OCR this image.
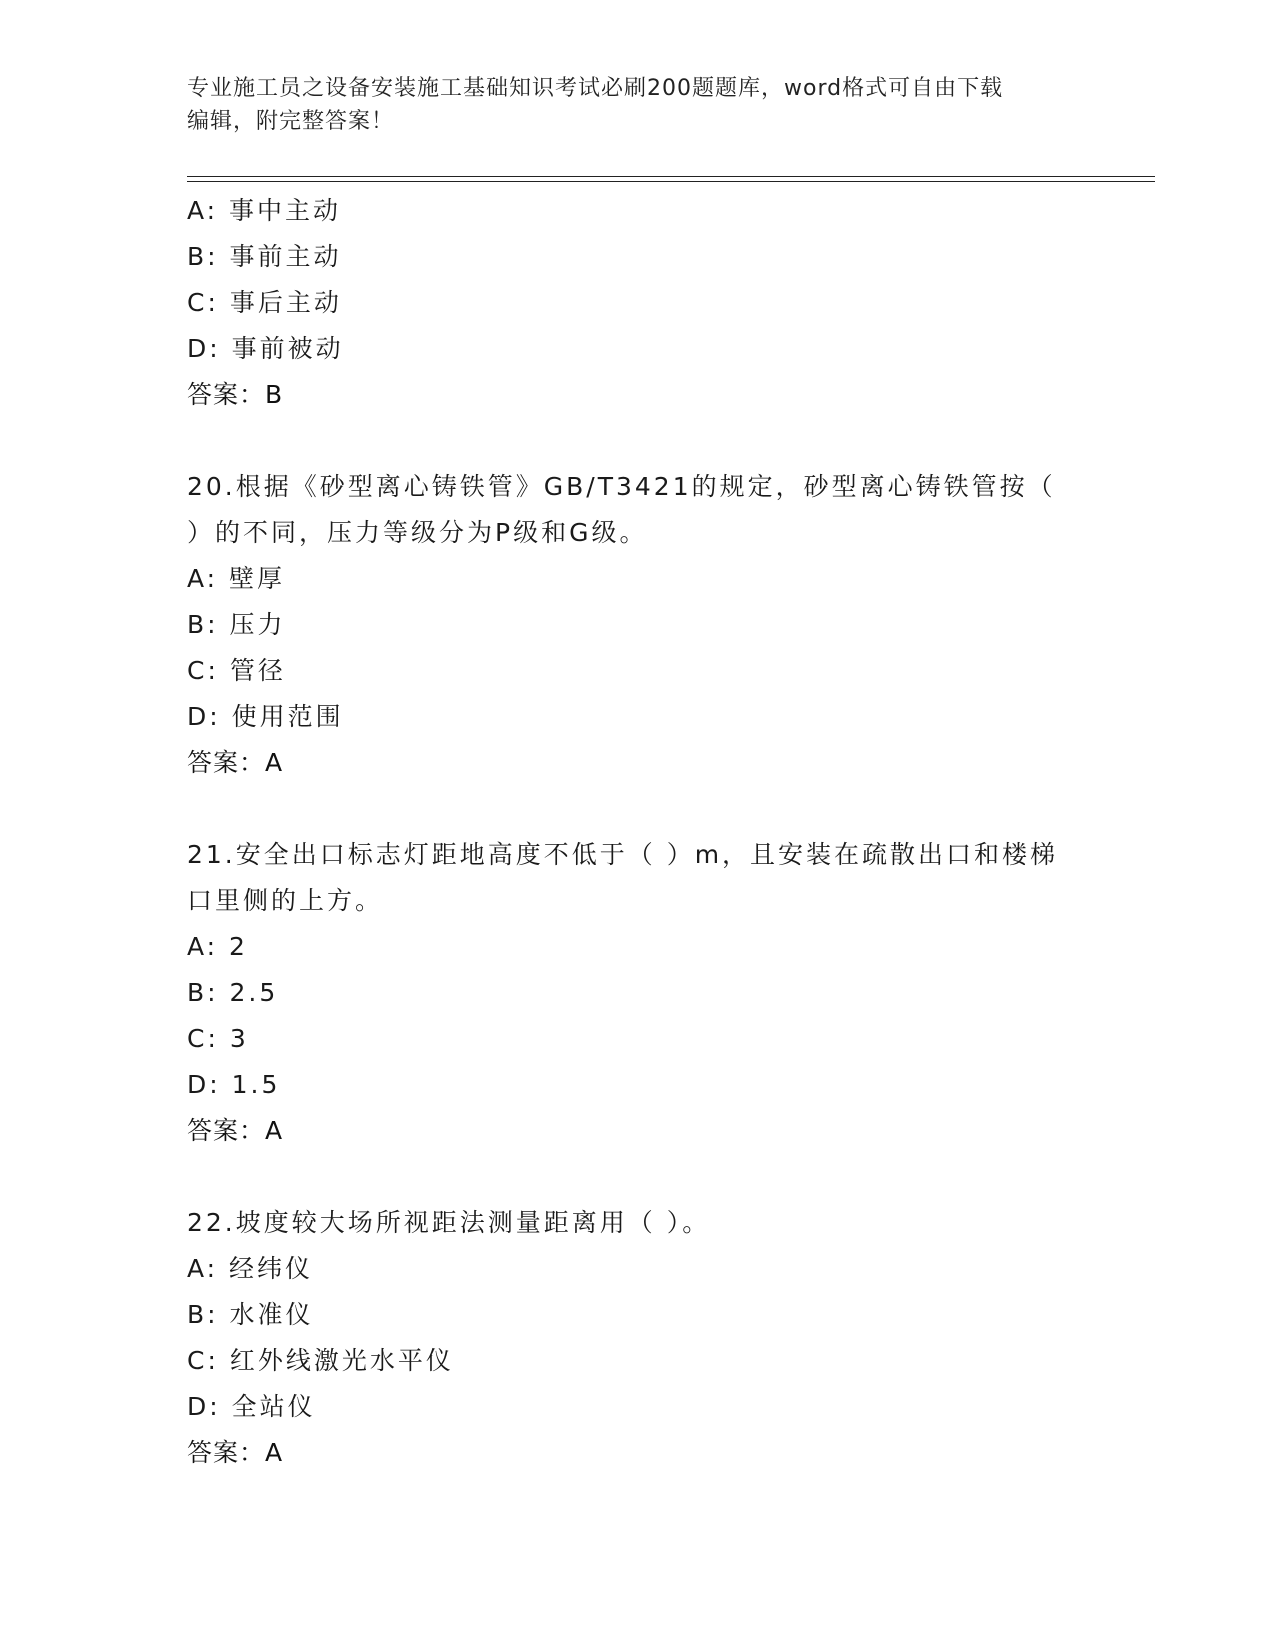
专业施工员之设备安装施工基础知识考试必刷200题题库，word格式可自由下载

编辑，附完整答案！

A: 事中主动
B: 事前主动
C: 事后主动
D: 事前被动
答案：B
20.根据《砂型离心铸铁管》GB/T3421的规定，砂型离心铸铁管按（
）的不同，压力等级分为P级和G级。
A: 壁厚
B: 压力
C: 管径
D: 使用范围
答案：A
21.安全出口标志灯距地高度不低于（ ）m，且安装在疏散出口和楼梯
口里侧的上方。
A: 2
B: 2.5
C: 3
D: 1.5
答案：A
22.坡度较大场所视距法测量距离用（ ）。
A: 经纬仪
B: 水准仪
C: 红外线激光水平仪
D: 全站仪
答案：A
